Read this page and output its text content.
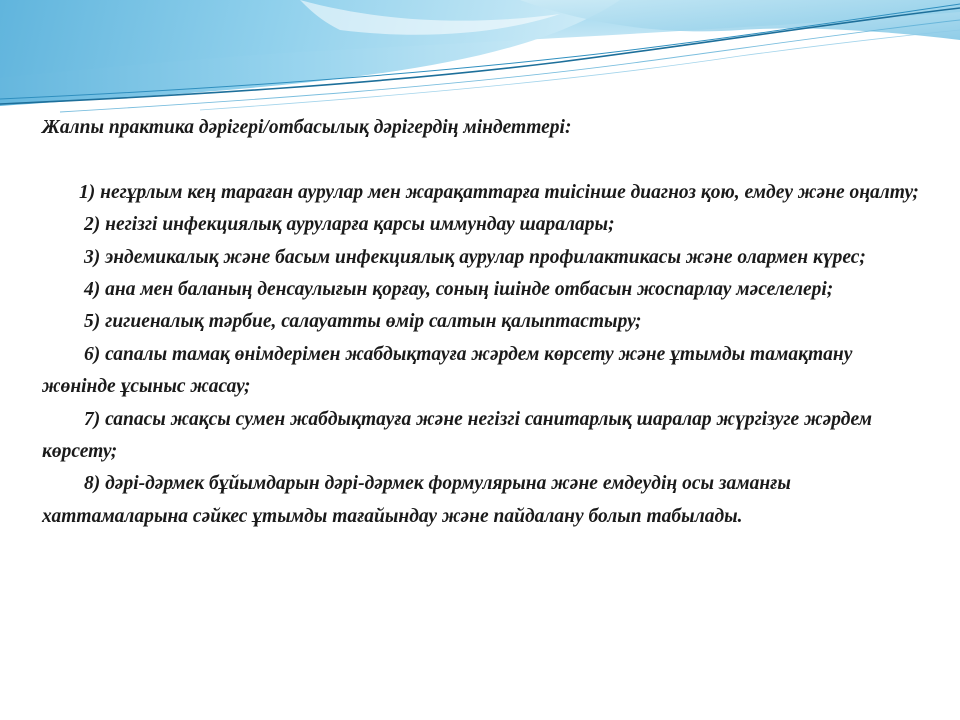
Жалпы практика дәрігері/отбасылық дәрігердің міндеттері:

1) негұрлым кең тараған аурулар мен жарақаттарға тиісінше диагноз қою, емдеу және оңалту;

2) негізгі инфекциялық ауруларға қарсы иммундау шаралары;

3) эндемикалық және басым инфекциялық аурулар профилактикасы және олармен күрес;

4) ана мен баланың денсаулығын қорғау, соның ішінде отбасын жоспарлау мәселелері;

5) гигиеналық тәрбие, салауатты өмір салтын қалыптастыру;

6) сапалы тамақ өнімдерімен жабдықтауға жәрдем көрсету және ұтымды тамақтану жөнінде ұсыныс жасау;

7) сапасы жақсы сумен жабдықтауға және негізгі санитарлық шаралар жүргізуге жәрдем көрсету;

8) дәрі-дәрмек бұйымдарын дәрі-дәрмек формулярына және емдеудің осы заманғы хаттамаларына сәйкес ұтымды тағайындау және пайдалану болып табылады.
